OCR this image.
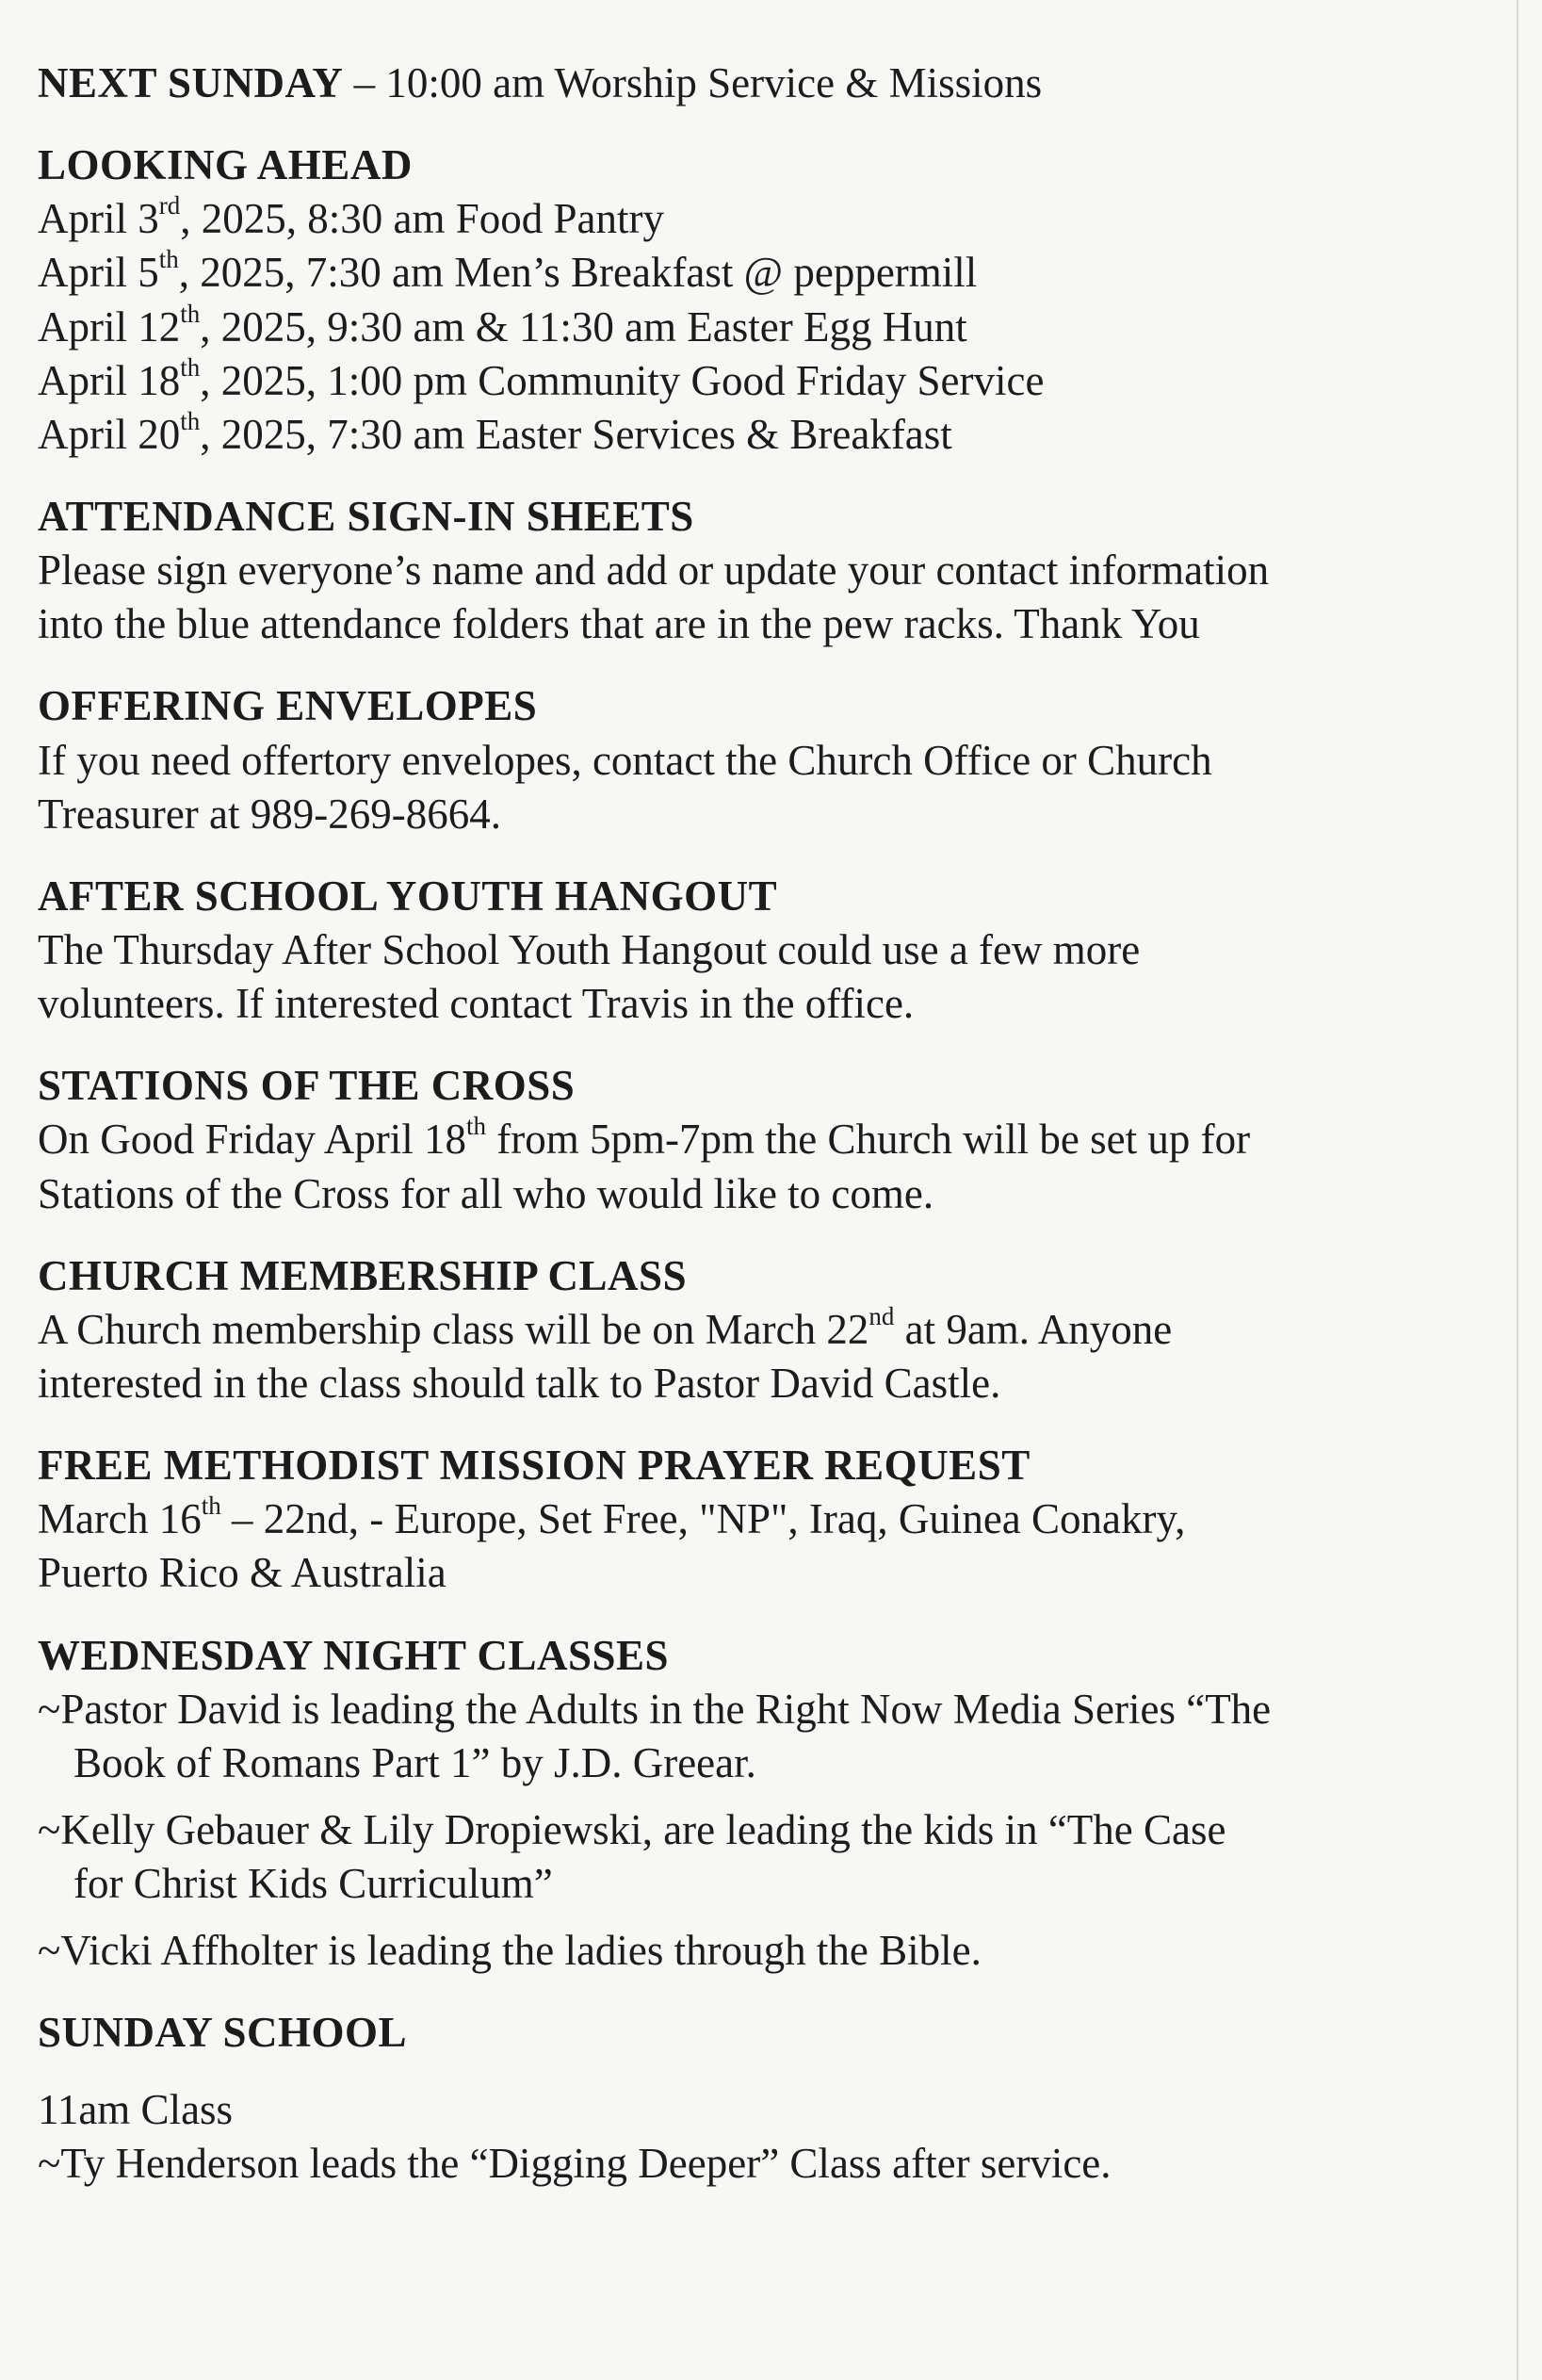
NEXT SUNDAY – 10:00 am Worship Service & Missions
LOOKING AHEAD
April 3rd, 2025, 8:30 am Food Pantry
April 5th, 2025, 7:30 am Men’s Breakfast @ peppermill
April 12th, 2025, 9:30 am & 11:30 am Easter Egg Hunt
April 18th, 2025, 1:00 pm Community Good Friday Service
April 20th, 2025, 7:30 am Easter Services & Breakfast
ATTENDANCE SIGN-IN SHEETS
Please sign everyone’s name and add or update your contact information
into the blue attendance folders that are in the pew racks. Thank You
OFFERING ENVELOPES
If you need offertory envelopes, contact the Church Office or Church
Treasurer at 989-269-8664.
AFTER SCHOOL YOUTH HANGOUT
The Thursday After School Youth Hangout could use a few more
volunteers. If interested contact Travis in the office.
STATIONS OF THE CROSS
On Good Friday April 18th from 5pm-7pm the Church will be set up for
Stations of the Cross for all who would like to come.
CHURCH MEMBERSHIP CLASS
A Church membership class will be on March 22nd at 9am. Anyone
interested in the class should talk to Pastor David Castle.
FREE METHODIST MISSION PRAYER REQUEST
March 16th – 22nd, - Europe, Set Free, "NP", Iraq, Guinea Conakry,
Puerto Rico & Australia
WEDNESDAY NIGHT CLASSES
~Pastor David is leading the Adults in the Right Now Media Series “The
Book of Romans Part 1” by J.D. Greear.
~Kelly Gebauer & Lily Dropiewski, are leading the kids in “The Case
for Christ Kids Curriculum”
~Vicki Affholter is leading the ladies through the Bible.
SUNDAY SCHOOL
11am Class
~Ty Henderson leads the “Digging Deeper” Class after service.
